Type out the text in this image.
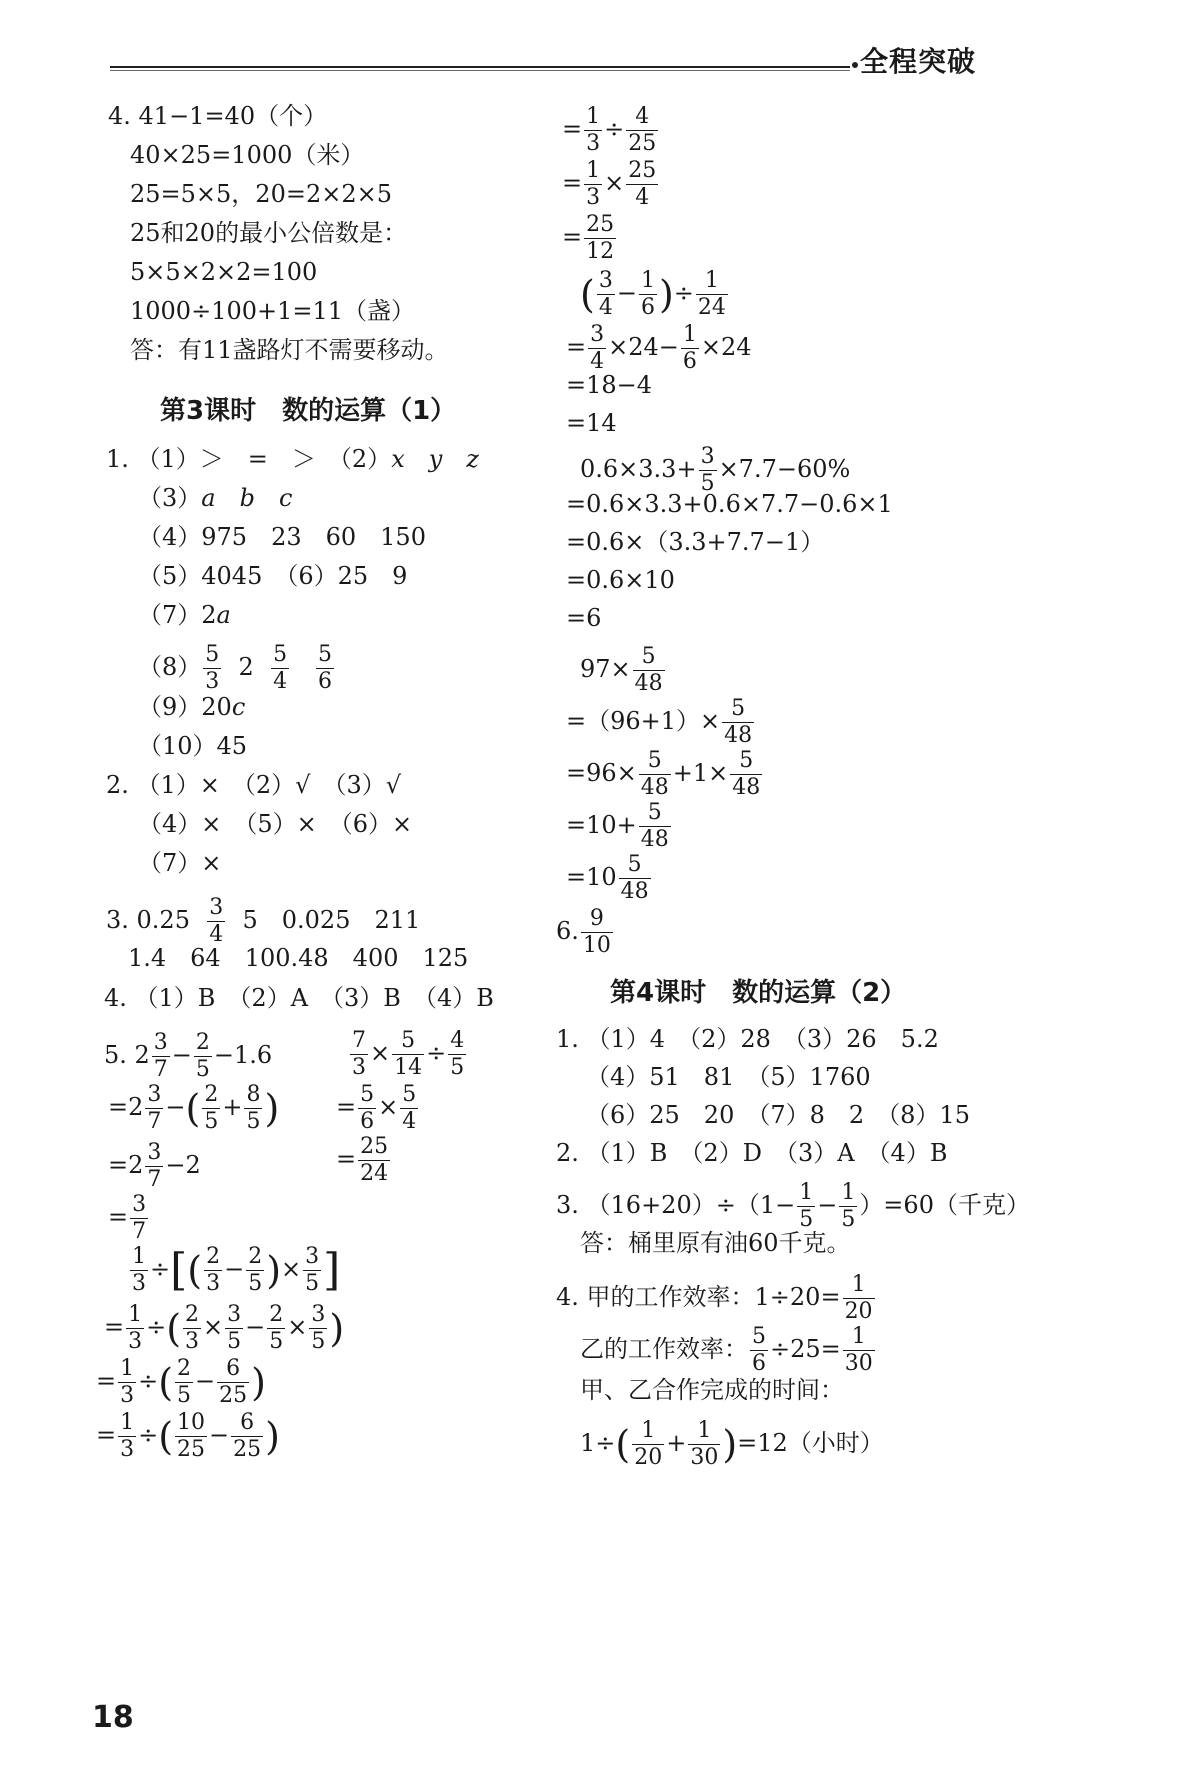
全程突破
4. 41−1=40（个）
40×25=1000（米）
25=5×5，20=2×2×5
25和20的最小公倍数是：
5×5×2×2=100
1000÷100+1=11（盏）
答：有11盏路灯不需要移动。
第3课时　数的运算（1）
1. （1）＞　=　＞　（2）x　y　z
（3）a　b　c
（4）975　23　60　150
（5）4045　（6）25　9
（7）2a
$(8) \frac{5}{3} 2 \frac{5}{4}$
$\frac{5}{6}$
（9）20c
（10）45
2. （1）×　（2）√　（3）√
（4）×　（5）×　（6）×
（7）×
3. $0.25 \frac{3}{4} 5$　0.025　211
1.4　64　100.48　400　125
4. （1）B　（2）A　（3）B　（4）B
5. $2 \frac{3}{7} - \frac{2}{5} -1.6$
$=2 \frac{3}{7}$ −( $\frac{2}{5} + \frac{8}{5}$ )
$=2 \frac{3}{7} -2$
= $\frac{3}{7}$
$\frac{7}{3} \times \frac{5}{14} \div \frac{4}{5}$
= $\frac{5}{6} \times \frac{5}{4}$
= $\frac{25}{24}$
$\frac{1}{3}$ ÷[( $\frac{2}{3} - \frac{2}{5}$ )× $\frac{3}{5}$ ]
= $\frac{1}{3}$ ÷( $\frac{2}{3} \times \frac{3}{5} - \frac{2}{5} \times \frac{3}{5}$ )
= $\frac{1}{3}$ ÷( $\frac{2}{5} - \frac{6}{25}$ )
= $\frac{1}{3}$ ÷( $\frac{10}{25} - \frac{6}{25}$ )
= $\frac{1}{3} \div \frac{4}{25}$
= $\frac{1}{3} \times \frac{25}{4}$
= $\frac{25}{12}$
( $\frac{3}{4} - \frac{1}{6}$ )÷ $\frac{1}{24}$
= $\frac{3}{4} \times 24- \frac{1}{6} \times 24$
=18−4
=14
$0.6\times 3.3+ \frac{3}{5} \times 7.7-60\%$
=0.6×3.3+0.6×7.7−0.6×1
=0.6×（3.3+7.7−1）
=0.6×10
=6
$97\times \frac{5}{48}$
$=(96+1)\times \frac{5}{48}$
$=96\times \frac{5}{48} +1\times \frac{5}{48}$
$=10+ \frac{5}{48}$
$=10 \frac{5}{48}$
6. $\frac{9}{10}$
第4课时　数的运算（2）
1. （1）4　（2）28　（3）26　5.2
（4）51　81　（5）1760
（6）25　20　（7）8　2　（8）15
2. （1）B　（2）D　（3）A　（4）B
3. $(16+20)\div(1- \frac{1}{5} - \frac{1}{5} )=60$（千克）
答：桶里原有油60千克。
4. 甲的工作效率：$1\div 20= \frac{1}{20}$
乙的工作效率： $\frac{5}{6} \div 25= \frac{1}{30}$
甲、乙合作完成的时间：
$1\div( \frac{1}{20} + \frac{1}{30} )=12$（小时）
18
